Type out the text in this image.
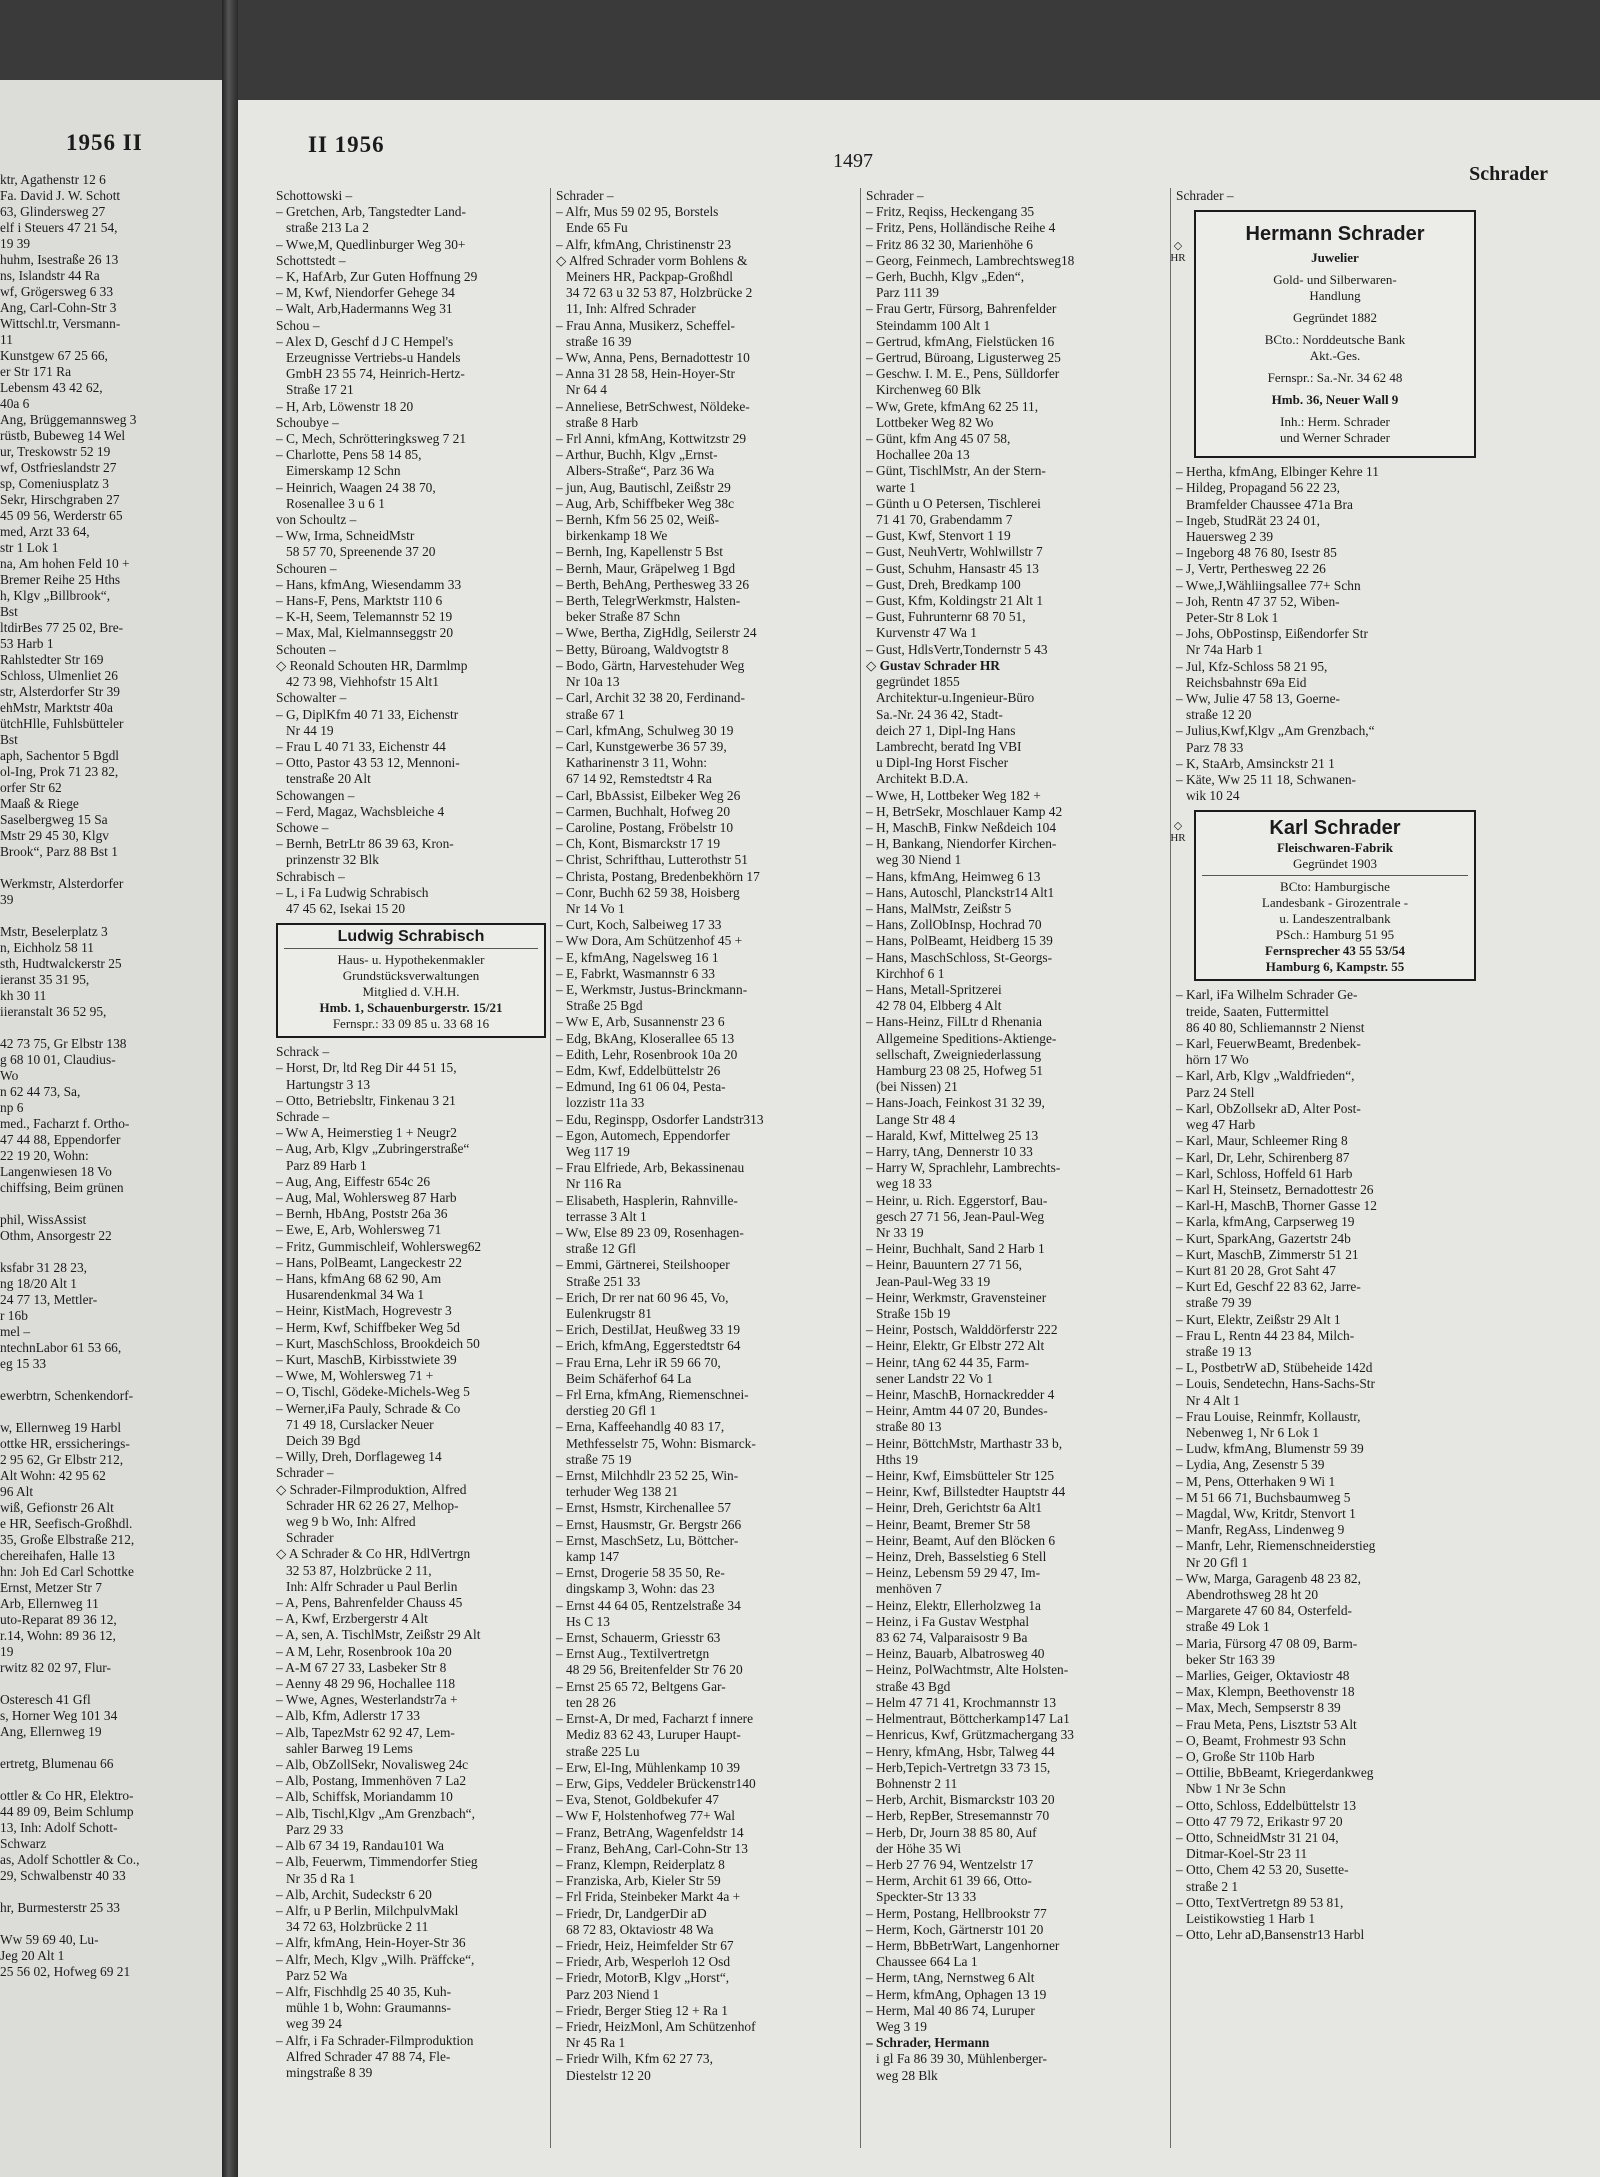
1956 II
ktr, Agathenstr 12 6
Fa. David J. W. Schott
63, Glindersweg 27
elf i Steuers 47 21 54,
19 39
huhm, Isestraße 26 13
ns, Islandstr 44 Ra
wf, Grögersweg 6 33
Ang, Carl-Cohn-Str 3
Wittschl.tr, Versmann-
11
Kunstgew 67 25 66,
er Str 171 Ra
Lebensm 43 42 62,
40a 6
Ang, Brüggemannsweg 3
rüstb, Bubeweg 14 Wel
ur, Treskowstr 52 19
wf, Ostfrieslandstr 27
sp, Comeniusplatz 3
Sekr, Hirschgraben 27
45 09 56, Werderstr 65
med, Arzt 33 64,
str 1 Lok 1
na, Am hohen Feld 10 +
Bremer Reihe 25 Hths
h, Klgv „Billbrook“,
Bst
ltdirBes 77 25 02, Bre-
53 Harb 1
Rahlstedter Str 169
Schloss, Ulmenliet 26
str, Alsterdorfer Str 39
ehMstr, Marktstr 40a
ütchHlle, Fuhlsbütteler
Bst
aph, Sachentor 5 Bgdl
ol-Ing, Prok 71 23 82,
orfer Str 62
Maaß & Riege
Saselbergweg 15 Sa
Mstr 29 45 30, Klgv
Brook“, Parz 88 Bst 1

Werkmstr, Alsterdorfer
39

Mstr, Beselerplatz 3
n, Eichholz 58 11
sth, Hudtwalckerstr 25
ieranst 35 31 95,
kh 30 11
iieranstalt 36 52 95,

42 73 75, Gr Elbstr 138
g 68 10 01, Claudius-
Wo
n 62 44 73, Sa,
np 6
med., Facharzt f. Ortho-
47 44 88, Eppendorfer
22 19 20, Wohn:
Langenwiesen 18 Vo
chiffsing, Beim grünen

phil, WissAssist
Othm, Ansorgestr 22

ksfabr 31 28 23,
ng 18/20 Alt 1
24 77 13, Mettler-
r 16b
mel –
ntechnLabor 61 53 66,
eg 15 33

ewerbtrn, Schenkendorf-

w, Ellernweg 19 Harbl
ottke HR, erssicherings-
2 95 62, Gr Elbstr 212,
Alt Wohn: 42 95 62
96 Alt
wiß, Gefionstr 26 Alt
e HR, Seefisch-Großhdl.
35, Große Elbstraße 212,
chereihafen, Halle 13
hn: Joh Ed Carl Schottke
Ernst, Metzer Str 7
Arb, Ellernweg 11
uto-Reparat 89 36 12,
r.14, Wohn: 89 36 12,
19
rwitz 82 02 97, Flur-

Osteresch 41 Gfl
s, Horner Weg 101 34
Ang, Ellernweg 19

ertretg, Blumenau 66

ottler & Co HR, Elektro-
44 89 09, Beim Schlump
13, Inh: Adolf Schott-
Schwarz
as, Adolf Schottler & Co.,
29, Schwalbenstr 40 33

hr, Burmesterstr 25 33

Ww 59 69 40, Lu-
Jeg 20 Alt 1
25 56 02, Hofweg 69 21
II 1956
1497
Schrader
Schottowski –
– Gretchen, Arb, Tangstedter Land-
straße 213 La 2
– Wwe,M, Quedlinburger Weg 30+
Schottstedt –
– K, HafArb, Zur Guten Hoffnung 29
– M, Kwf, Niendorfer Gehege 34
– Walt, Arb,Hadermanns Weg 31
Schou –
– Alex D, Geschf d J C Hempel's
Erzeugnisse Vertriebs-u Handels
GmbH 23 55 74, Heinrich-Hertz-
Straße 17 21
– H, Arb, Löwenstr 18 20
Schoubye –
– C, Mech, Schrötteringksweg 7 21
– Charlotte, Pens 58 14 85,
Eimerskamp 12 Schn
– Heinrich, Waagen 24 38 70,
Rosenallee 3 u 6 1
von Schoultz –
– Ww, Irma, SchneidMstr
58 57 70, Spreenende 37 20
Schouren –
– Hans, kfmAng, Wiesendamm 33
– Hans-F, Pens, Marktstr 110 6
– K-H, Seem, Telemannstr 52 19
– Max, Mal, Kielmannseggstr 20
Schouten –
◇ Reonald Schouten HR, Darmlmp
42 73 98, Viehhofstr 15 Alt1
Schowalter –
– G, DiplKfm 40 71 33, Eichenstr
Nr 44 19
– Frau L 40 71 33, Eichenstr 44
– Otto, Pastor 43 53 12, Mennoni-
tenstraße 20 Alt
Schowangen –
– Ferd, Magaz, Wachsbleiche 4
Schowe –
– Bernh, BetrLtr 86 39 63, Kron-
prinzenstr 32 Blk
Schrabisch –
– L, i Fa Ludwig Schrabisch
47 45 62, Isekai 15 20
Ludwig Schrabisch
Haus- u. Hypothekenmakler
Grundstücksverwaltungen
Mitglied d. V.H.H.
Hmb. 1, Schauenburgerstr. 15/21
Fernspr.: 33 09 85 u. 33 68 16
Schrack –
– Horst, Dr, ltd Reg Dir 44 51 15,
Hartungstr 3 13
– Otto, Betriebsltr, Finkenau 3 21
Schrade –
– Ww A, Heimerstieg 1 + Neugr2
– Aug, Arb, Klgv „Zubringerstraße“
Parz 89 Harb 1
– Aug, Ang, Eiffestr 654c 26
– Aug, Mal, Wohlersweg 87 Harb
– Bernh, HbAng, Poststr 26a 36
– Ewe, E, Arb, Wohlersweg 71
– Fritz, Gummischleif, Wohlersweg62
– Hans, PolBeamt, Langeckestr 22
– Hans, kfmAng 68 62 90, Am
Husarendenkmal 34 Wa 1
– Heinr, KistMach, Hogrevestr 3
– Herm, Kwf, Schiffbeker Weg 5d
– Kurt, MaschSchloss, Brookdeich 50
– Kurt, MaschB, Kirbisstwiete 39
– Wwe, M, Wohlersweg 71 +
– O, Tischl, Gödeke-Michels-Weg 5
– Werner,iFa Pauly, Schrade & Co
71 49 18, Curslacker Neuer
Deich 39 Bgd
– Willy, Dreh, Dorflageweg 14
Schrader –
◇ Schrader-Filmproduktion, Alfred
Schrader HR 62 26 27, Melhop-
weg 9 b Wo, Inh: Alfred
Schrader
◇ A Schrader & Co HR, HdlVertrgn
32 53 87, Holzbrücke 2 11,
Inh: Alfr Schrader u Paul Berlin
– A, Pens, Bahrenfelder Chauss 45
– A, Kwf, Erzbergerstr 4 Alt
– A, sen, A. TischlMstr, Zeißstr 29 Alt
– A M, Lehr, Rosenbrook 10a 20
– A-M 67 27 33, Lasbeker Str 8
– Aenny 48 29 96, Hochallee 118
– Wwe, Agnes, Westerlandstr7a +
– Alb, Kfm, Adlerstr 17 33
– Alb, TapezMstr 62 92 47, Lem-
sahler Barweg 19 Lems
– Alb, ObZollSekr, Novalisweg 24c
– Alb, Postang, Immenhöven 7 La2
– Alb, Schiffsk, Moriandamm 10
– Alb, Tischl,Klgv „Am Grenzbach“,
Parz 29 33
– Alb 67 34 19, Randau101 Wa
– Alb, Feuerwm, Timmendorfer Stieg
Nr 35 d Ra 1
– Alb, Archit, Sudeckstr 6 20
– Alfr, u P Berlin, MilchpulvMakl
34 72 63, Holzbrücke 2 11
– Alfr, kfmAng, Hein-Hoyer-Str 36
– Alfr, Mech, Klgv „Wilh. Präffcke“,
Parz 52 Wa
– Alfr, Fischhdlg 25 40 35, Kuh-
mühle 1 b, Wohn: Graumanns-
weg 39 24
– Alfr, i Fa Schrader-Filmproduktion
Alfred Schrader 47 88 74, Fle-
mingstraße 8 39
Schrader –
– Alfr, Mus 59 02 95, Borstels
Ende 65 Fu
– Alfr, kfmAng, Christinenstr 23
◇ Alfred Schrader vorm Bohlens &
Meiners HR, Packpap-Großhdl
34 72 63 u 32 53 87, Holzbrücke 2
11, Inh: Alfred Schrader
– Frau Anna, Musikerz, Scheffel-
straße 16 39
– Ww, Anna, Pens, Bernadottestr 10
– Anna 31 28 58, Hein-Hoyer-Str
Nr 64 4
– Anneliese, BetrSchwest, Nöldeke-
straße 8 Harb
– Frl Anni, kfmAng, Kottwitzstr 29
– Arthur, Buchh, Klgv „Ernst-
Albers-Straße“, Parz 36 Wa
– jun, Aug, Bautischl, Zeißstr 29
– Aug, Arb, Schiffbeker Weg 38c
– Bernh, Kfm 56 25 02, Weiß-
birkenkamp 18 We
– Bernh, Ing, Kapellenstr 5 Bst
– Bernh, Maur, Gräpelweg 1 Bgd
– Berth, BehAng, Perthesweg 33 26
– Berth, TelegrWerkmstr, Halsten-
beker Straße 87 Schn
– Wwe, Bertha, ZigHdlg, Seilerstr 24
– Betty, Büroang, Waldvogtstr 8
– Bodo, Gärtn, Harvestehuder Weg
Nr 10a 13
– Carl, Archit 32 38 20, Ferdinand-
straße 67 1
– Carl, kfmAng, Schulweg 30 19
– Carl, Kunstgewerbe 36 57 39,
Katharinenstr 3 11, Wohn:
67 14 92, Remstedtstr 4 Ra
– Carl, BbAssist, Eilbeker Weg 26
– Carmen, Buchhalt, Hofweg 20
– Caroline, Postang, Fröbelstr 10
– Ch, Kont, Bismarckstr 17 19
– Christ, Schrifthau, Lutterothstr 51
– Christa, Postang, Bredenbekhörn 17
– Conr, Buchh 62 59 38, Hoisberg
Nr 14 Vo 1
– Curt, Koch, Salbeiweg 17 33
– Ww Dora, Am Schützenhof 45 +
– E, kfmAng, Nagelsweg 16 1
– E, Fabrkt, Wasmannstr 6 33
– E, Werkmstr, Justus-Brinckmann-
Straße 25 Bgd
– Ww E, Arb, Susannenstr 23 6
– Edg, BkAng, Kloserallee 65 13
– Edith, Lehr, Rosenbrook 10a 20
– Edm, Kwf, Eddelbüttelstr 26
– Edmund, Ing 61 06 04, Pesta-
lozzistr 11a 33
– Edu, Reginspp, Osdorfer Landstr313
– Egon, Automech, Eppendorfer
Weg 117 19
– Frau Elfriede, Arb, Bekassinenau
Nr 116 Ra
– Elisabeth, Hasplerin, Rahnville-
terrasse 3 Alt 1
– Ww, Else 89 23 09, Rosenhagen-
straße 12 Gfl
– Emmi, Gärtnerei, Steilshooper
Straße 251 33
– Erich, Dr rer nat 60 96 45, Vo,
Eulenkrugstr 81
– Erich, DestilJat, Heußweg 33 19
– Erich, kfmAng, Eggerstedtstr 64
– Frau Erna, Lehr iR 59 66 70,
Beim Schäferhof 64 La
– Frl Erna, kfmAng, Riemenschnei-
derstieg 20 Gfl 1
– Erna, Kaffeehandlg 40 83 17,
Methfesselstr 75, Wohn: Bismarck-
straße 75 19
– Ernst, Milchhdlr 23 52 25, Win-
terhuder Weg 138 21
– Ernst, Hsmstr, Kirchenallee 57
– Ernst, Hausmstr, Gr. Bergstr 266
– Ernst, MaschSetz, Lu, Böttcher-
kamp 147
– Ernst, Drogerie 58 35 50, Re-
dingskamp 3, Wohn: das 23
– Ernst 44 64 05, Rentzelstraße 34
Hs C 13
– Ernst, Schauerm, Griesstr 63
– Ernst Aug., Textilvertretgn
48 29 56, Breitenfelder Str 76 20
– Ernst 25 65 72, Beltgens Gar-
ten 28 26
– Ernst-A, Dr med, Facharzt f innere
Mediz 83 62 43, Luruper Haupt-
straße 225 Lu
– Erw, El-Ing, Mühlenkamp 10 39
– Erw, Gips, Veddeler Brückenstr140
– Eva, Stenot, Goldbekufer 47
– Ww F, Holstenhofweg 77+ Wal
– Franz, BetrAng, Wagenfeldstr 14
– Franz, BehAng, Carl-Cohn-Str 13
– Franz, Klempn, Reiderplatz 8
– Franziska, Arb, Kieler Str 59
– Frl Frida, Steinbeker Markt 4a +
– Friedr, Dr, LandgerDir aD
68 72 83, Oktaviostr 48 Wa
– Friedr, Heiz, Heimfelder Str 67
– Friedr, Arb, Wesperloh 12 Osd
– Friedr, MotorB, Klgv „Horst“,
Parz 203 Niend 1
– Friedr, Berger Stieg 12 + Ra 1
– Friedr, HeizMonl, Am Schützenhof
Nr 45 Ra 1
– Friedr Wilh, Kfm 62 27 73,
Diestelstr 12 20
Schrader –
– Fritz, Reqiss, Heckengang 35
– Fritz, Pens, Holländische Reihe 4
– Fritz 86 32 30, Marienhöhe 6
– Georg, Feinmech, Lambrechtsweg18
– Gerh, Buchh, Klgv „Eden“,
Parz 111 39
– Frau Gertr, Fürsorg, Bahrenfelder
Steindamm 100 Alt 1
– Gertrud, kfmAng, Fielstücken 16
– Gertrud, Büroang, Ligusterweg 25
– Geschw. I. M. E., Pens, Sülldorfer
Kirchenweg 60 Blk
– Ww, Grete, kfmAng 62 25 11,
Lottbeker Weg 82 Wo
– Günt, kfm Ang 45 07 58,
Hochallee 20a 13
– Günt, TischlMstr, An der Stern-
warte 1
– Günth u O Petersen, Tischlerei
71 41 70, Grabendamm 7
– Gust, Kwf, Stenvort 1 19
– Gust, NeuhVertr, Wohlwillstr 7
– Gust, Schuhm, Hansastr 45 13
– Gust, Dreh, Bredkamp 100
– Gust, Kfm, Koldingstr 21 Alt 1
– Gust, Fuhrunternr 68 70 51,
Kurvenstr 47 Wa 1
– Gust, HdlsVertr,Tondernstr 5 43
◇ Gustav Schrader HR
gegründet 1855
Architektur-u.Ingenieur-Büro
Sa.-Nr. 24 36 42, Stadt-
deich 27 1, Dipl-Ing Hans
Lambrecht, beratd Ing VBI
u Dipl-Ing Horst Fischer
Architekt B.D.A.
– Wwe, H, Lottbeker Weg 182 +
– H, BetrSekr, Moschlauer Kamp 42
– H, MaschB, Finkw Neßdeich 104
– H, Bankang, Niendorfer Kirchen-
weg 30 Niend 1
– Hans, kfmAng, Heimweg 6 13
– Hans, Autoschl, Planckstr14 Alt1
– Hans, MalMstr, Zeißstr 5
– Hans, ZollObInsp, Hochrad 70
– Hans, PolBeamt, Heidberg 15 39
– Hans, MaschSchloss, St-Georgs-
Kirchhof 6 1
– Hans, Metall-Spritzerei
42 78 04, Elbberg 4 Alt
– Hans-Heinz, FilLtr d Rhenania
Allgemeine Speditions-Aktienge-
sellschaft, Zweigniederlassung
Hamburg 23 08 25, Hofweg 51
(bei Nissen) 21
– Hans-Joach, Feinkost 31 32 39,
Lange Str 48 4
– Harald, Kwf, Mittelweg 25 13
– Harry, tAng, Dennerstr 10 33
– Harry W, Sprachlehr, Lambrechts-
weg 18 33
– Heinr, u. Rich. Eggerstorf, Bau-
gesch 27 71 56, Jean-Paul-Weg
Nr 33 19
– Heinr, Buchhalt, Sand 2 Harb 1
– Heinr, Bauuntern 27 71 56,
Jean-Paul-Weg 33 19
– Heinr, Werkmstr, Gravensteiner
Straße 15b 19
– Heinr, Postsch, Walddörferstr 222
– Heinr, Elektr, Gr Elbstr 272 Alt
– Heinr, tAng 62 44 35, Farm-
sener Landstr 22 Vo 1
– Heinr, MaschB, Hornackredder 4
– Heinr, Amtm 44 07 20, Bundes-
straße 80 13
– Heinr, BöttchMstr, Marthastr 33 b,
Hths 19
– Heinr, Kwf, Eimsbütteler Str 125
– Heinr, Kwf, Billstedter Hauptstr 44
– Heinr, Dreh, Gerichtstr 6a Alt1
– Heinr, Beamt, Bremer Str 58
– Heinr, Beamt, Auf den Blöcken 6
– Heinz, Dreh, Basselstieg 6 Stell
– Heinz, Lebensm 59 29 47, Im-
menhöven 7
– Heinz, Elektr, Ellerholzweg 1a
– Heinz, i Fa Gustav Westphal
83 62 74, Valparaisostr 9 Ba
– Heinz, Bauarb, Albatrosweg 40
– Heinz, PolWachtmstr, Alte Holsten-
straße 43 Bgd
– Helm 47 71 41, Krochmannstr 13
– Helmentraut, Böttcherkamp147 La1
– Henricus, Kwf, Grützmachergang 33
– Henry, kfmAng, Hsbr, Talweg 44
– Herb,Tepich-Vertretgn 33 73 15,
Bohnenstr 2 11
– Herb, Archit, Bismarckstr 103 20
– Herb, RepBer, Stresemannstr 70
– Herb, Dr, Journ 38 85 80, Auf
der Höhe 35 Wi
– Herb 27 76 94, Wentzelstr 17
– Herm, Archit 61 39 66, Otto-
Speckter-Str 13 33
– Herm, Postang, Hellbrookstr 77
– Herm, Koch, Gärtnerstr 101 20
– Herm, BbBetrWart, Langenhorner
Chaussee 664 La 1
– Herm, tAng, Nernstweg 6 Alt
– Herm, kfmAng, Ophagen 13 19
– Herm, Mal 40 86 74, Luruper
Weg 3 19
– Schrader, Hermann
i gl Fa 86 39 30, Mühlenberger-
weg 28 Blk
Schrader –
◇ HR
Hermann Schrader
Juwelier
Gold- und Silberwaren-
Handlung
Gegründet 1882
BCto.: Norddeutsche Bank
Akt.-Ges.
Fernspr.: Sa.-Nr. 34 62 48
Hmb. 36, Neuer Wall 9
Inh.: Herm. Schrader
und Werner Schrader
– Hertha, kfmAng, Elbinger Kehre 11
– Hildeg, Propagand 56 22 23,
Bramfelder Chaussee 471a Bra
– Ingeb, StudRät 23 24 01,
Hauersweg 2 39
– Ingeborg 48 76 80, Isestr 85
– J, Vertr, Perthesweg 22 26
– Wwe,J,Wähliingsallee 77+ Schn
– Joh, Rentn 47 37 52, Wiben-
Peter-Str 8 Lok 1
– Johs, ObPostinsp, Eißendorfer Str
Nr 74a Harb 1
– Jul, Kfz-Schloss 58 21 95,
Reichsbahnstr 69a Eid
– Ww, Julie 47 58 13, Goerne-
straße 12 20
– Julius,Kwf,Klgv „Am Grenzbach,“
Parz 78 33
– K, StaArb, Amsinckstr 21 1
– Käte, Ww 25 11 18, Schwanen-
wik 10 24
◇ HR	Karl Schrader
Fleischwaren-Fabrik
Gegründet 1903
BCto: Hamburgische
Landesbank - Girozentrale -
u. Landeszentralbank
PSch.: Hamburg 51 95
Fernsprecher 43 55 53/54
Hamburg 6, Kampstr. 55
– Karl, iFa Wilhelm Schrader Ge-
treide, Saaten, Futtermittel
86 40 80, Schliemannstr 2 Nienst
– Karl, FeuerwBeamt, Bredenbek-
hörn 17 Wo
– Karl, Arb, Klgv „Waldfrieden“,
Parz 24 Stell
– Karl, ObZollsekr aD, Alter Post-
weg 47 Harb
– Karl, Maur, Schleemer Ring 8
– Karl, Dr, Lehr, Schirenberg 87
– Karl, Schloss, Hoffeld 61 Harb
– Karl H, Steinsetz, Bernadottestr 26
– Karl-H, MaschB, Thorner Gasse 12
– Karla, kfmAng, Carpserweg 19
– Kurt, SparkAng, Gazertstr 24b
– Kurt, MaschB, Zimmerstr 51 21
– Kurt 81 20 28, Grot Saht 47
– Kurt Ed, Geschf 22 83 62, Jarre-
straße 79 39
– Kurt, Elektr, Zeißstr 29 Alt 1
– Frau L, Rentn 44 23 84, Milch-
straße 19 13
– L, PostbetrW aD, Stübeheide 142d
– Louis, Sendetechn, Hans-Sachs-Str
Nr 4 Alt 1
– Frau Louise, Reinmfr, Kollaustr,
Nebenweg 1, Nr 6 Lok 1
– Ludw, kfmAng, Blumenstr 59 39
– Lydia, Ang, Zesenstr 5 39
– M, Pens, Otterhaken 9 Wi 1
– M 51 66 71, Buchsbaumweg 5
– Magdal, Ww, Kritdr, Stenvort 1
– Manfr, RegAss, Lindenweg 9
– Manfr, Lehr, Riemenschneiderstieg
Nr 20 Gfl 1
– Ww, Marga, Garagenb 48 23 82,
Abendrothsweg 28 ht 20
– Margarete 47 60 84, Osterfeld-
straße 49 Lok 1
– Maria, Fürsorg 47 08 09, Barm-
beker Str 163 39
– Marlies, Geiger, Oktaviostr 48
– Max, Klempn, Beethovenstr 18
– Max, Mech, Sempserstr 8 39
– Frau Meta, Pens, Lisztstr 53 Alt
– O, Beamt, Frohmestr 93 Schn
– O, Große Str 110b Harb
– Ottilie, BbBeamt, Kriegerdankweg
Nbw 1 Nr 3e Schn
– Otto, Schloss, Eddelbüttelstr 13
– Otto 47 79 72, Erikastr 97 20
– Otto, SchneidMstr 31 21 04,
Ditmar-Koel-Str 23 11
– Otto, Chem 42 53 20, Susette-
straße 2 1
– Otto, TextVertretgn 89 53 81,
Leistikowstieg 1 Harb 1
– Otto, Lehr aD,Bansenstr13 Harbl
